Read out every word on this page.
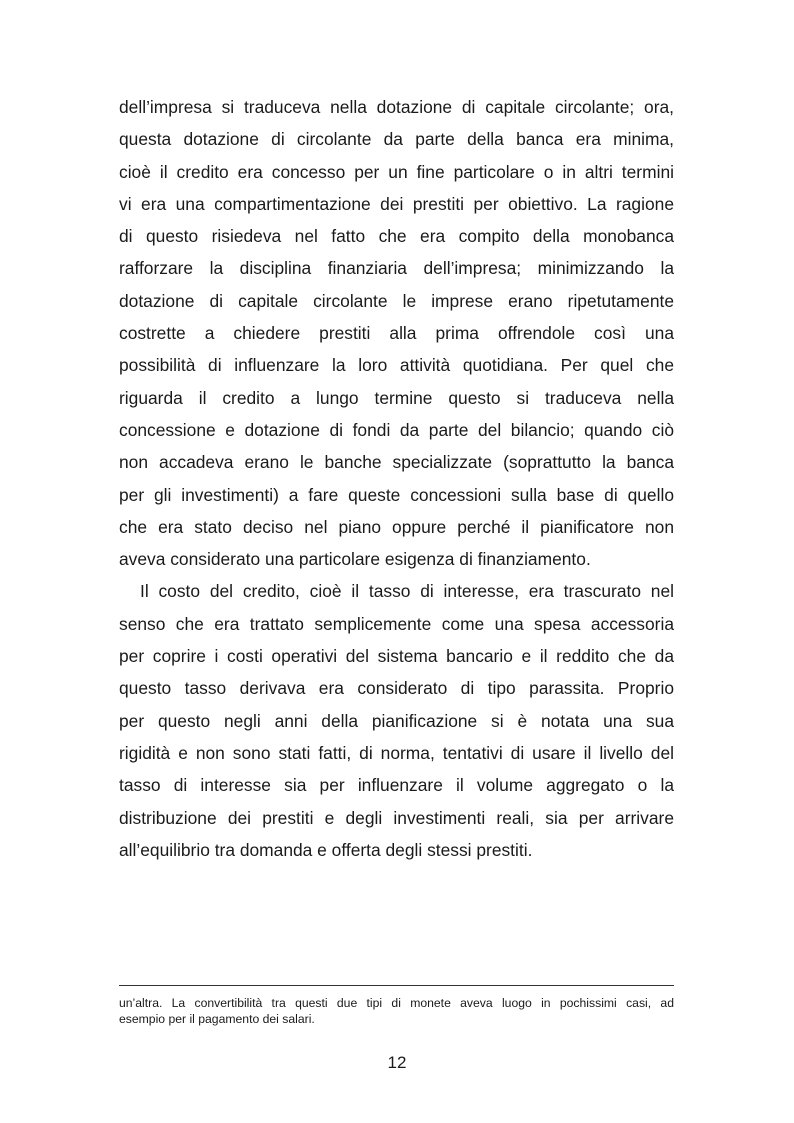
dell’impresa si traduceva nella dotazione di capitale circolante; ora,
questa dotazione di circolante da parte della banca era minima,
cioè il credito era concesso per un fine particolare o in altri termini
vi era una compartimentazione dei prestiti per obiettivo. La ragione
di questo risiedeva nel fatto che era compito della monobanca
rafforzare la disciplina finanziaria dell’impresa; minimizzando la
dotazione di capitale circolante le imprese erano ripetutamente
costrette a chiedere prestiti alla prima offrendole così una
possibilità di influenzare la loro attività quotidiana. Per quel che
riguarda il credito a lungo termine questo si traduceva nella
concessione e dotazione di fondi da parte del bilancio; quando ciò
non accadeva erano le banche specializzate (soprattutto la banca
per gli investimenti) a fare queste concessioni sulla base di quello
che era stato deciso nel piano oppure perché il pianificatore non
aveva considerato una particolare esigenza di finanziamento.
Il costo del credito, cioè il tasso di interesse, era trascurato nel
senso che era trattato semplicemente come una spesa accessoria
per coprire i costi operativi del sistema bancario e il reddito che da
questo tasso derivava era considerato di tipo parassita. Proprio
per questo negli anni della pianificazione si è notata una sua
rigidità e non sono stati fatti, di norma, tentativi di usare il livello del
tasso di interesse sia per influenzare il volume aggregato o la
distribuzione dei prestiti e degli investimenti reali, sia per arrivare
all’equilibrio tra domanda e offerta degli stessi prestiti.
un’altra. La convertibilità tra questi due tipi di monete aveva luogo in pochissimi casi, ad
esempio per il pagamento dei salari.
12
